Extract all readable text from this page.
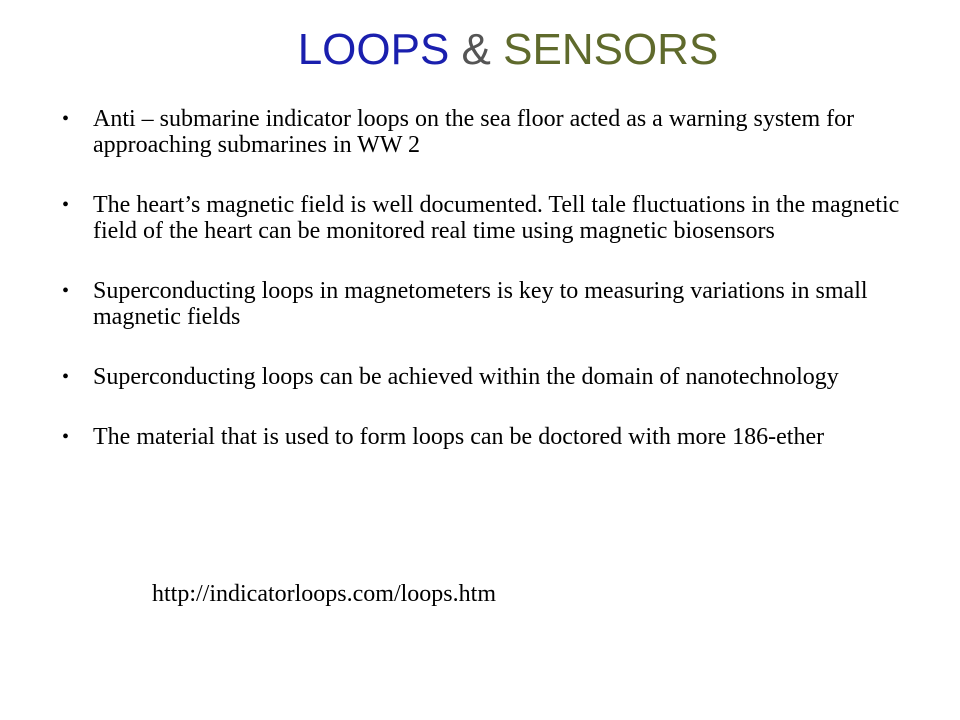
LOOPS & SENSORS
• Anti – submarine indicator loops on the sea floor acted as a warning system for approaching submarines in WW 2
• The heart’s magnetic field is well documented. Tell tale fluctuations in the magnetic field of the heart can be monitored real time using magnetic biosensors
• Superconducting loops in magnetometers is key to measuring variations in small magnetic fields
• Superconducting loops can be achieved within the domain of nanotechnology
• The material that is used to form loops can be doctored with more 186-ether
http://indicatorloops.com/loops.htm
